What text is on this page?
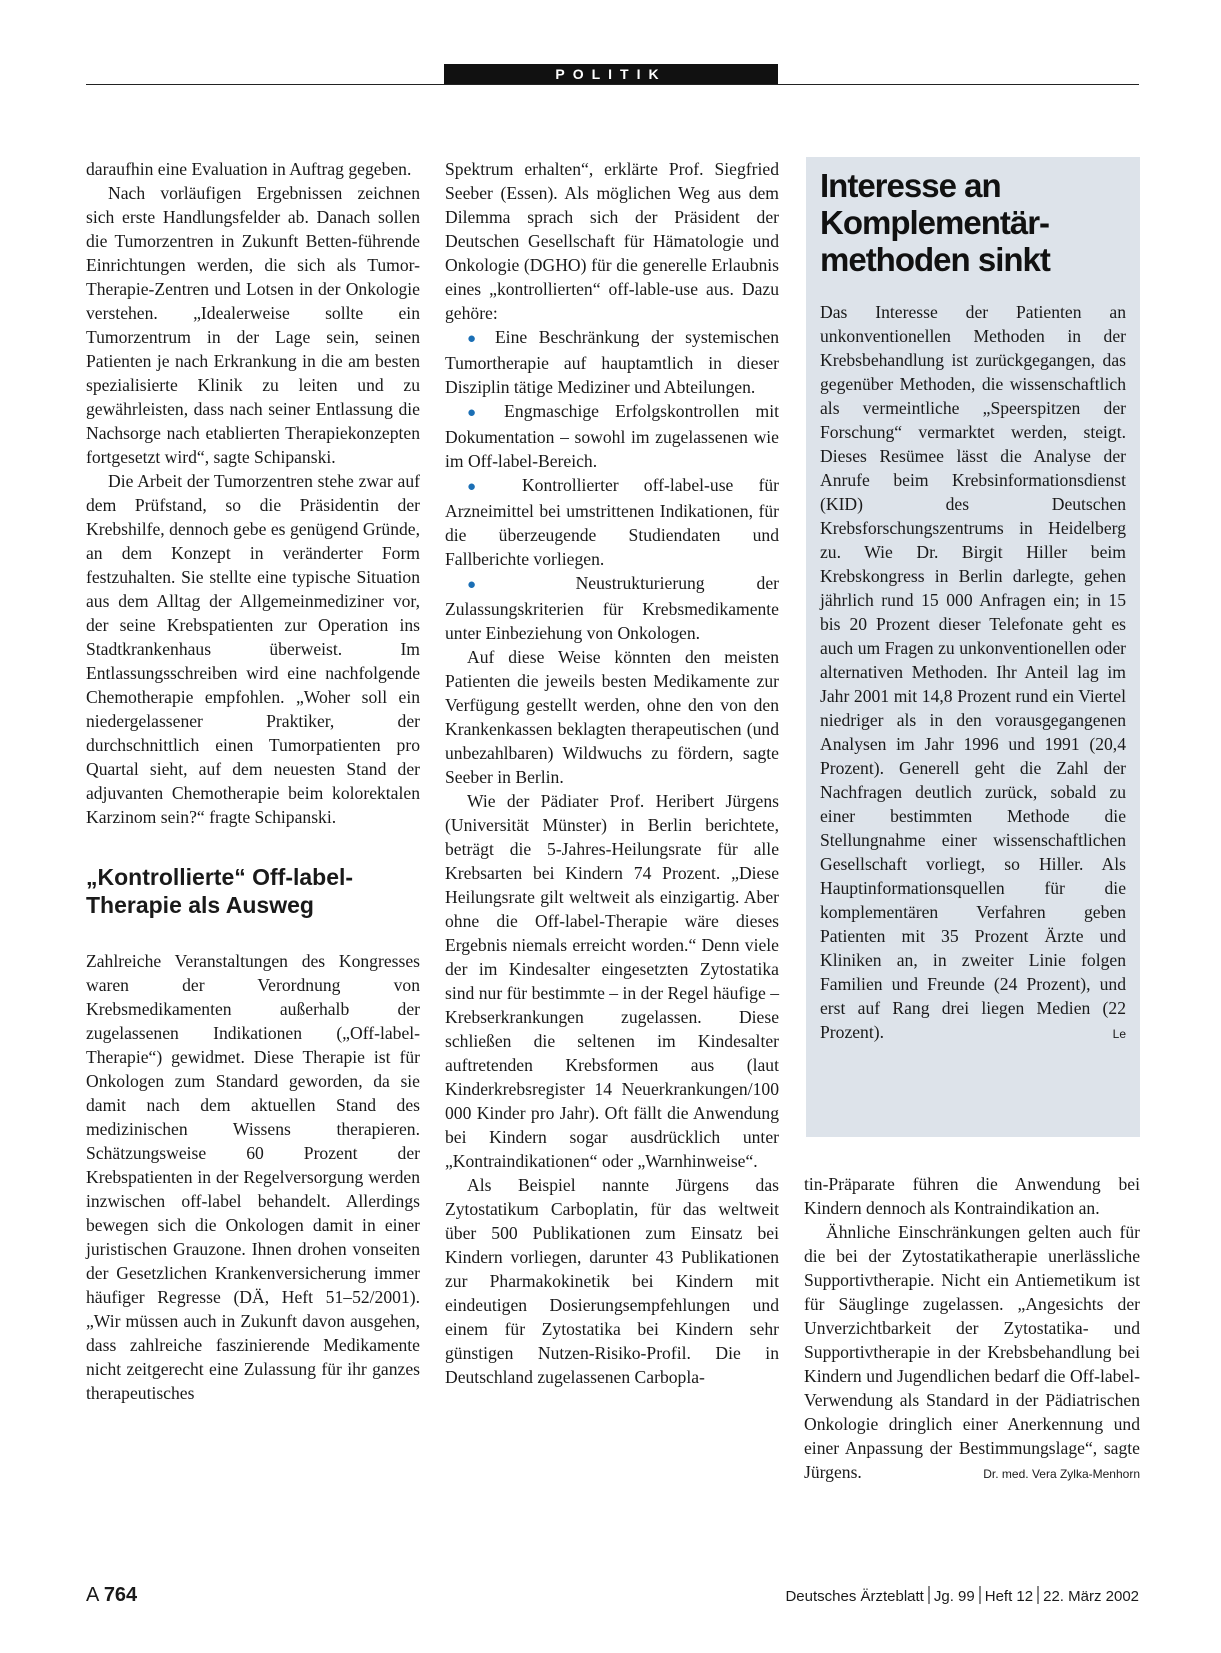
POLITIK

daraufhin eine Evaluation in Auftrag gegeben.

Nach vorläufigen Ergebnissen zeichnen sich erste Handlungsfelder ab. Danach sollen die Tumorzentren in Zukunft Betten-führende Einrichtungen werden, die sich als Tumor-Therapie-Zentren und Lotsen in der Onkologie verstehen. „Idealerweise sollte ein Tumorzentrum in der Lage sein, seinen Patienten je nach Erkrankung in die am besten spezialisierte Klinik zu leiten und zu gewährleisten, dass nach seiner Entlassung die Nachsorge nach etablierten Therapiekonzepten fortgesetzt wird“, sagte Schipanski.

Die Arbeit der Tumorzentren stehe zwar auf dem Prüfstand, so die Präsidentin der Krebshilfe, dennoch gebe es genügend Gründe, an dem Konzept in veränderter Form festzuhalten. Sie stellte eine typische Situation aus dem Alltag der Allgemeinmediziner vor, der seine Krebspatienten zur Operation ins Stadtkrankenhaus überweist. Im Entlassungsschreiben wird eine nachfolgende Chemotherapie empfohlen. „Woher soll ein niedergelassener Praktiker, der durchschnittlich einen Tumorpatienten pro Quartal sieht, auf dem neuesten Stand der adjuvanten Chemotherapie beim kolorektalen Karzinom sein?“ fragte Schipanski.

„Kontrollierte“ Off-label-Therapie als Ausweg

Zahlreiche Veranstaltungen des Kongresses waren der Verordnung von Krebsmedikamenten außerhalb der zugelassenen Indikationen („Off-label-Therapie“) gewidmet. Diese Therapie ist für Onkologen zum Standard geworden, da sie damit nach dem aktuellen Stand des medizinischen Wissens therapieren. Schätzungsweise 60 Prozent der Krebspatienten in der Regelversorgung werden inzwischen off-label behandelt. Allerdings bewegen sich die Onkologen damit in einer juristischen Grauzone. Ihnen drohen vonseiten der Gesetzlichen Krankenversicherung immer häufiger Regresse (DÄ, Heft 51–52/2001). „Wir müssen auch in Zukunft davon ausgehen, dass zahlreiche faszinierende Medikamente nicht zeitgerecht eine Zulassung für ihr ganzes therapeutisches

Spektrum erhalten“, erklärte Prof. Siegfried Seeber (Essen). Als möglichen Weg aus dem Dilemma sprach sich der Präsident der Deutschen Gesellschaft für Hämatologie und Onkologie (DGHO) für die generelle Erlaubnis eines „kontrollierten“ off-lable-use aus. Dazu gehöre:

● Eine Beschränkung der systemischen Tumortherapie auf hauptamtlich in dieser Disziplin tätige Mediziner und Abteilungen.

● Engmaschige Erfolgskontrollen mit Dokumentation – sowohl im zugelassenen wie im Off-label-Bereich.

● Kontrollierter off-label-use für Arzneimittel bei umstrittenen Indikationen, für die überzeugende Studiendaten und Fallberichte vorliegen.

●	Neustrukturierung der Zulassungskriterien für Krebsmedikamente unter Einbeziehung von Onkologen.

Auf diese Weise könnten den meisten Patienten die jeweils besten Medikamente zur Verfügung gestellt werden, ohne den von den Krankenkassen beklagten therapeutischen (und unbezahlbaren) Wildwuchs zu fördern, sagte Seeber in Berlin.

Wie der Pädiater Prof. Heribert Jürgens (Universität Münster) in Berlin berichtete, beträgt die 5-Jahres-Heilungsrate für alle Krebsarten bei Kindern 74 Prozent. „Diese Heilungsrate gilt weltweit als einzigartig. Aber ohne die Off-label-Therapie wäre dieses Ergebnis niemals erreicht worden.“ Denn viele der im Kindesalter eingesetzten Zytostatika sind nur für bestimmte – in der Regel häufige – Krebserkrankungen zugelassen. Diese schließen die seltenen im Kindesalter auftretenden Krebsformen aus (laut Kinderkrebsregister 14 Neuerkrankungen/100 000 Kinder pro Jahr). Oft fällt die Anwendung bei Kindern sogar ausdrücklich unter „Kontraindikationen“ oder „Warnhinweise“.

Als Beispiel nannte Jürgens das Zytostatikum Carboplatin, für das weltweit über 500 Publikationen zum Einsatz bei Kindern vorliegen, darunter 43 Publikationen zur Pharmakokinetik bei Kindern mit eindeutigen Dosierungsempfehlungen und einem für Zytostatika bei Kindern sehr günstigen Nutzen-Risiko-Profil. Die in Deutschland zugelassenen Carbopla-

Interesse an Komplementär-methoden sinkt

Das Interesse der Patienten an unkonventionellen Methoden in der Krebsbehandlung ist zurückgegangen, das gegenüber Methoden, die wissenschaftlich als vermeintliche „Speerspitzen der Forschung“ vermarktet werden, steigt. Dieses Resümee lässt die Analyse der Anrufe beim Krebsinformationsdienst (KID) des Deutschen Krebsforschungszentrums in Heidelberg zu. Wie Dr. Birgit Hiller beim Krebskongress in Berlin darlegte, gehen jährlich rund 15 000 Anfragen ein; in 15 bis 20 Prozent dieser Telefonate geht es auch um Fragen zu unkonventionellen oder alternativen Methoden. Ihr Anteil lag im Jahr 2001 mit 14,8 Prozent rund ein Viertel niedriger als in den vorausgegangenen Analysen im Jahr 1996 und 1991 (20,4 Prozent). Generell geht die Zahl der Nachfragen deutlich zurück, sobald zu einer bestimmten Methode die Stellungnahme einer wissenschaftlichen Gesellschaft vorliegt, so Hiller. Als Hauptinformationsquellen für die komplementären Verfahren geben Patienten mit 35 Prozent Ärzte und Kliniken an, in zweiter Linie folgen Familien und Freunde (24 Prozent), und erst auf Rang drei liegen Medien (22 Prozent).	Le

tin-Präparate führen die Anwendung bei Kindern dennoch als Kontraindikation an.

Ähnliche Einschränkungen gelten auch für die bei der Zytostatikatherapie unerlässliche Supportivtherapie. Nicht ein Antiemetikum ist für Säuglinge zugelassen. „Angesichts der Unverzichtbarkeit der Zytostatika- und Supportivtherapie in der Krebsbehandlung bei Kindern und Jugendlichen bedarf die Off-label-Verwendung als Standard in der Pädiatrischen Onkologie dringlich einer Anerkennung und einer Anpassung der Bestimmungslage“, sagte Jürgens.	Dr. med. Vera Zylka-Menhorn

A 764	Deutsches Ärzteblatt Jg. 99 Heft 12 22. März 2002
